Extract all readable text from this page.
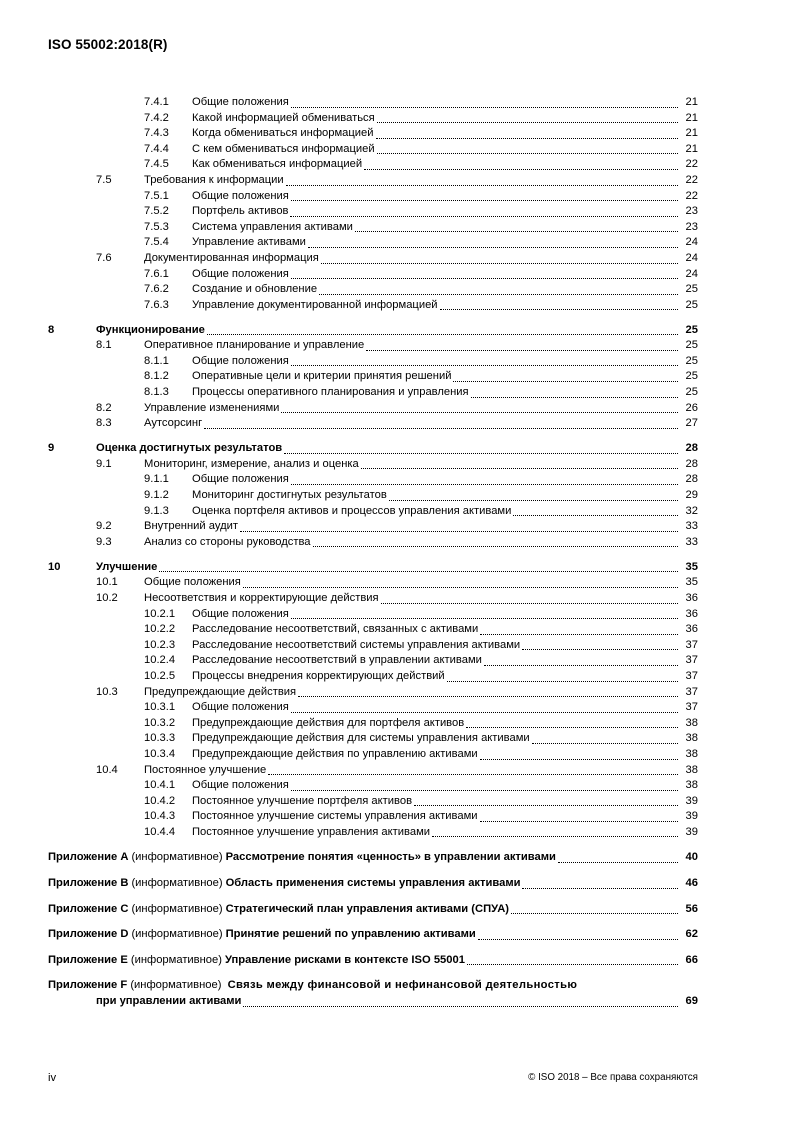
ISO 55002:2018(R)
7.4.1 Общие положения	21
7.4.2 Какой информацией обмениваться	21
7.4.3 Когда обмениваться информацией	21
7.4.4 С кем обмениваться информацией	21
7.4.5 Как обмениваться информацией	22
7.5	Требования к информации	22
7.5.1 Общие положения	22
7.5.2 Портфель активов	23
7.5.3 Система управления активами	23
7.5.4 Управление активами	24
7.6	Документированная информация	24
7.6.1 Общие положения	24
7.6.2 Создание и обновление	25
7.6.3 Управление документированной информацией	25
8	Функционирование	25
8.1	Оперативное планирование и управление	25
8.1.1 Общие положения	25
8.1.2 Оперативные цели и критерии принятия решений	25
8.1.3 Процессы оперативного планирования и управления	25
8.2	Управление изменениями	26
8.3	Аутсорсинг	27
9	Оценка достигнутых результатов	28
9.1	Мониторинг, измерение, анализ и оценка	28
9.1.1 Общие положения	28
9.1.2 Мониторинг достигнутых результатов	29
9.1.3 Оценка портфеля активов и процессов управления активами	32
9.2	Внутренний аудит	33
9.3	Анализ со стороны руководства	33
10	Улучшение	35
10.1 Общие положения	35
10.2 Несоответствия и корректирующие действия	36
10.2.1 Общие положения	36
10.2.2 Расследование несоответствий, связанных с активами	36
10.2.3 Расследование несоответствий системы управления активами	37
10.2.4 Расследование несоответствий в управлении активами	37
10.2.5 Процессы внедрения корректирующих действий	37
10.3 Предупреждающие действия	37
10.3.1 Общие положения	37
10.3.2 Предупреждающие действия для портфеля активов	38
10.3.3 Предупреждающие действия для системы управления активами	38
10.3.4 Предупреждающие действия по управлению активами	38
10.4 Постоянное улучшение	38
10.4.1 Общие положения	38
10.4.2 Постоянное улучшение портфеля активов	39
10.4.3 Постоянное улучшение системы управления активами	39
10.4.4 Постоянное улучшение управления активами	39
Приложение А (информативное) Рассмотрение понятия «ценность» в управлении активами	40
Приложение В (информативное) Область применения системы управления активами	46
Приложение С (информативное) Стратегический план управления активами (СПУА)	56
Приложение D (информативное) Принятие решений по управлению активами	62
Приложение E (информативное) Управление рисками в контексте ISO 55001	66
Приложение F (информативное) Связь между финансовой и нефинансовой деятельностью
при управлении активами	69
iv	© ISO 2018 – Все права сохраняются
